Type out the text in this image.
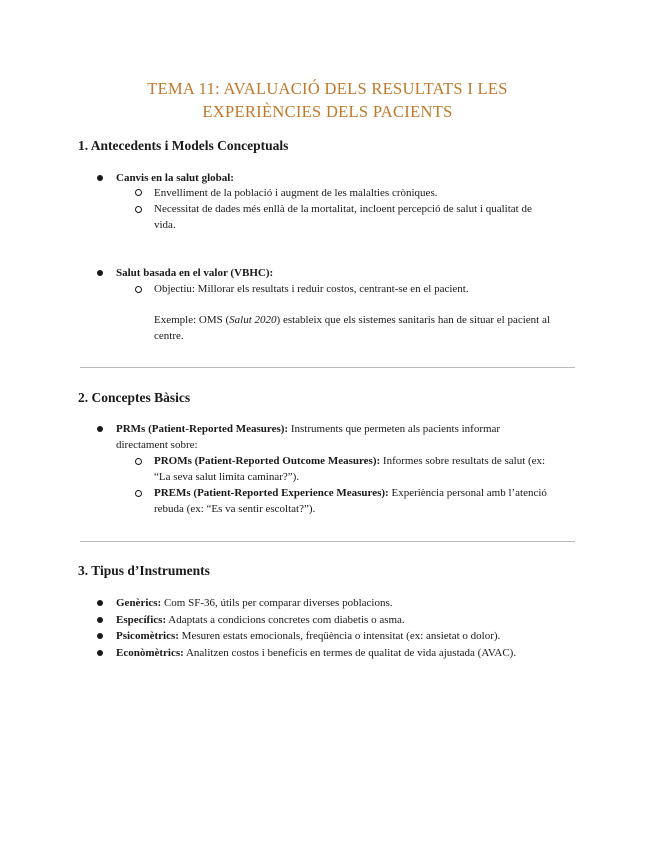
TEMA 11: AVALUACIÓ DELS RESULTATS I LES
EXPERIÈNCIES DELS PACIENTS
1. Antecedents i Models Conceptuals
Canvis en la salut global:
Envelliment de la població i augment de les malalties cròniques.
Necessitat de dades més enllà de la mortalitat, incloent percepció de salut i qualitat de
vida.
Salut basada en el valor (VBHC):
Objectiu: Millorar els resultats i reduir costos, centrant-se en el pacient.
Exemple: OMS (Salut 2020) estableix que els sistemes sanitaris han de situar el pacient al
centre.
2. Conceptes Bàsics
PRMs (Patient-Reported Measures): Instruments que permeten als pacients informar
directament sobre:
PROMs (Patient-Reported Outcome Measures): Informes sobre resultats de salut (ex:
“La seva salut limita caminar?”).
PREMs (Patient-Reported Experience Measures): Experiència personal amb l’atenció
rebuda (ex: “Es va sentir escoltat?”).
3. Tipus d’Instruments
Genèrics: Com SF-36, útils per comparar diverses poblacions.
Específics: Adaptats a condicions concretes com diabetis o asma.
Psicomètrics: Mesuren estats emocionals, freqüència o intensitat (ex: ansietat o dolor).
Econòmètrics: Analitzen costos i beneficis en termes de qualitat de vida ajustada (AVAC).
